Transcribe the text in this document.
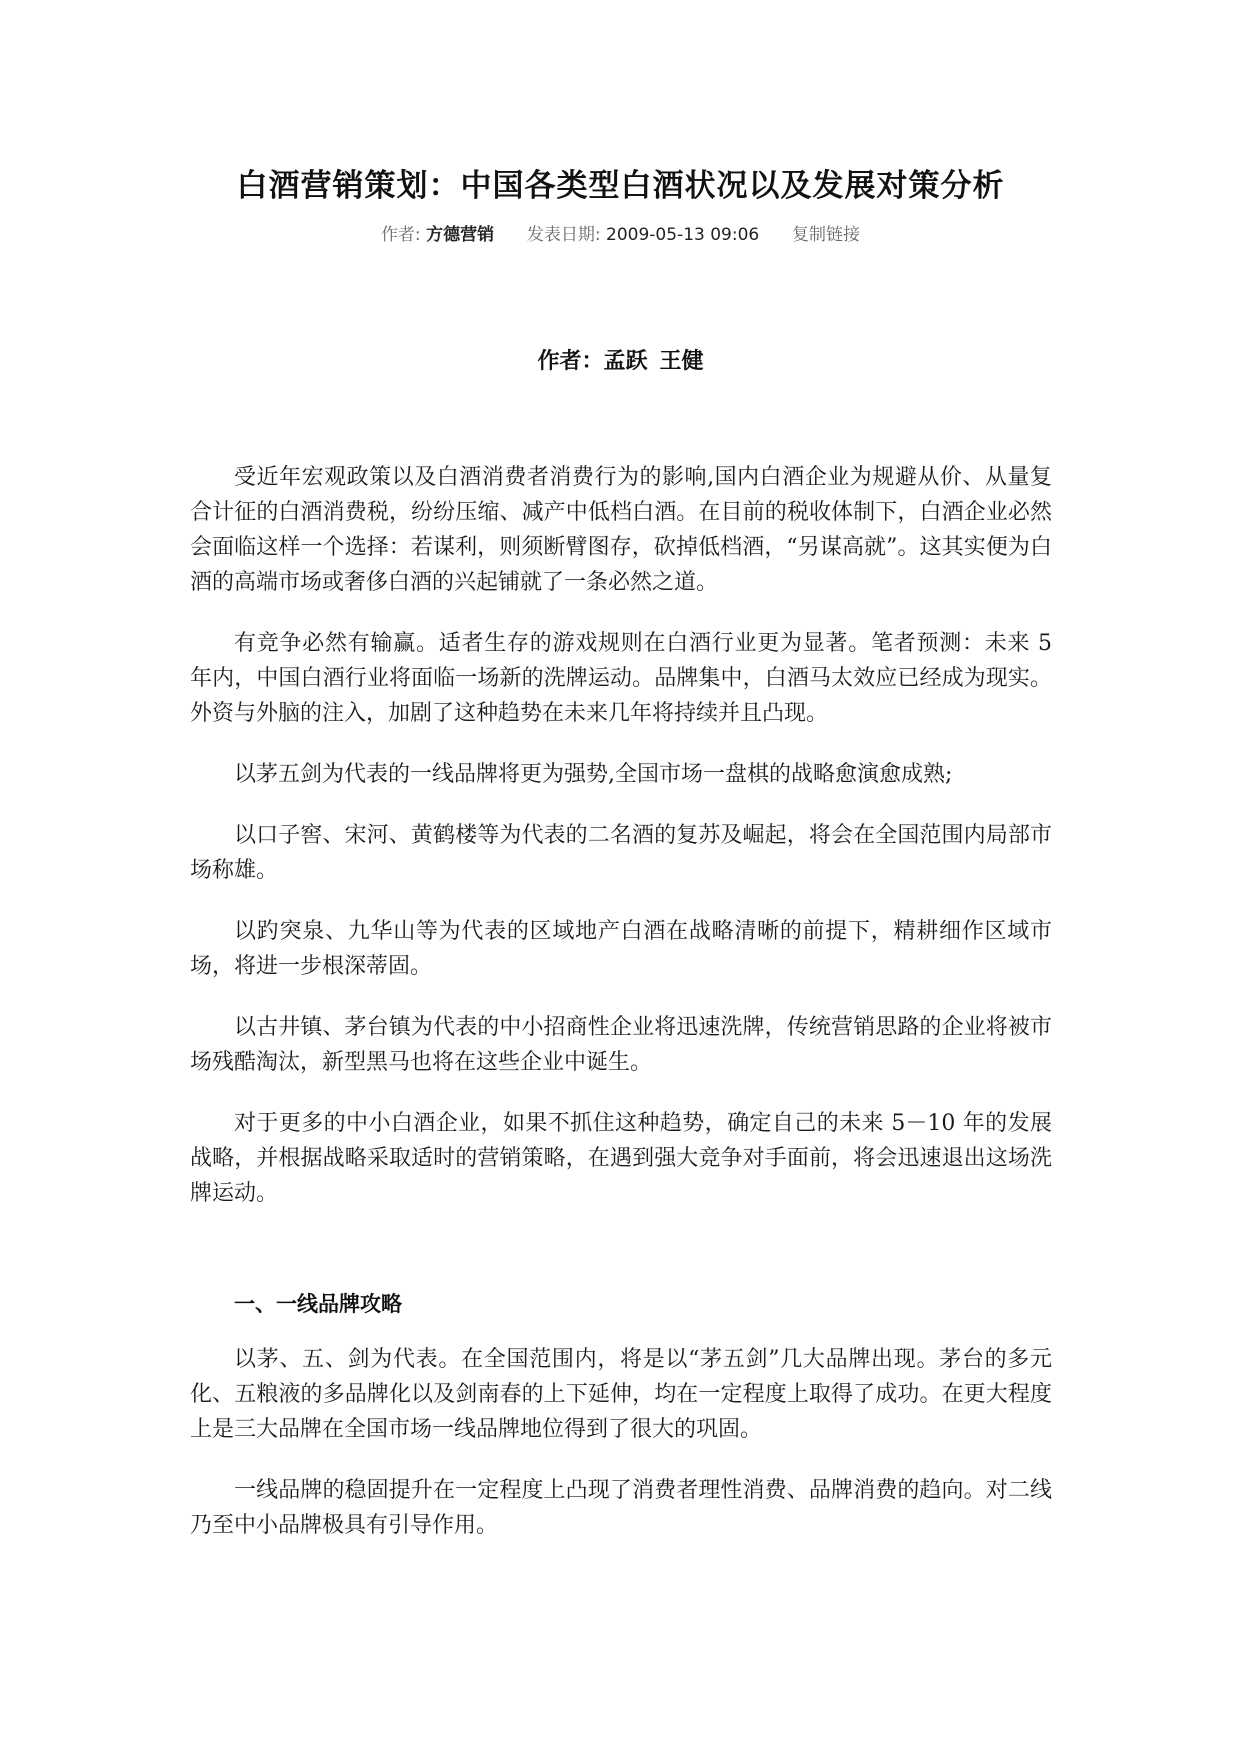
白酒营销策划：中国各类型白酒状况以及发展对策分析
作者: 方德营销 发表日期: 2009-05-13 09:06 复制链接
作者：孟跃 王健

受近年宏观政策以及白酒消费者消费行为的影响,国内白酒企业为规避从价、从量复合计征的白酒消费税，纷纷压缩、减产中低档白酒。在目前的税收体制下，白酒企业必然会面临这样一个选择：若谋利，则须断臂图存，砍掉低档酒，“另谋高就”。这其实便为白酒的高端市场或奢侈白酒的兴起铺就了一条必然之道。

有竞争必然有输赢。适者生存的游戏规则在白酒行业更为显著。笔者预测：未来 5 年内，中国白酒行业将面临一场新的洗牌运动。品牌集中，白酒马太效应已经成为现实。外资与外脑的注入，加剧了这种趋势在未来几年将持续并且凸现。

以茅五剑为代表的一线品牌将更为强势,全国市场一盘棋的战略愈演愈成熟;

以口子窖、宋河、黄鹤楼等为代表的二名酒的复苏及崛起，将会在全国范围内局部市场称雄。

以趵突泉、九华山等为代表的区域地产白酒在战略清晰的前提下，精耕细作区域市场，将进一步根深蒂固。

以古井镇、茅台镇为代表的中小招商性企业将迅速洗牌，传统营销思路的企业将被市场残酷淘汰，新型黑马也将在这些企业中诞生。

对于更多的中小白酒企业，如果不抓住这种趋势，确定自己的未来 5－10 年的发展战略，并根据战略采取适时的营销策略，在遇到强大竞争对手面前，将会迅速退出这场洗牌运动。

一、一线品牌攻略

以茅、五、剑为代表。在全国范围内，将是以“茅五剑”几大品牌出现。茅台的多元化、五粮液的多品牌化以及剑南春的上下延伸，均在一定程度上取得了成功。在更大程度上是三大品牌在全国市场一线品牌地位得到了很大的巩固。

一线品牌的稳固提升在一定程度上凸现了消费者理性消费、品牌消费的趋向。对二线乃至中小品牌极具有引导作用。
